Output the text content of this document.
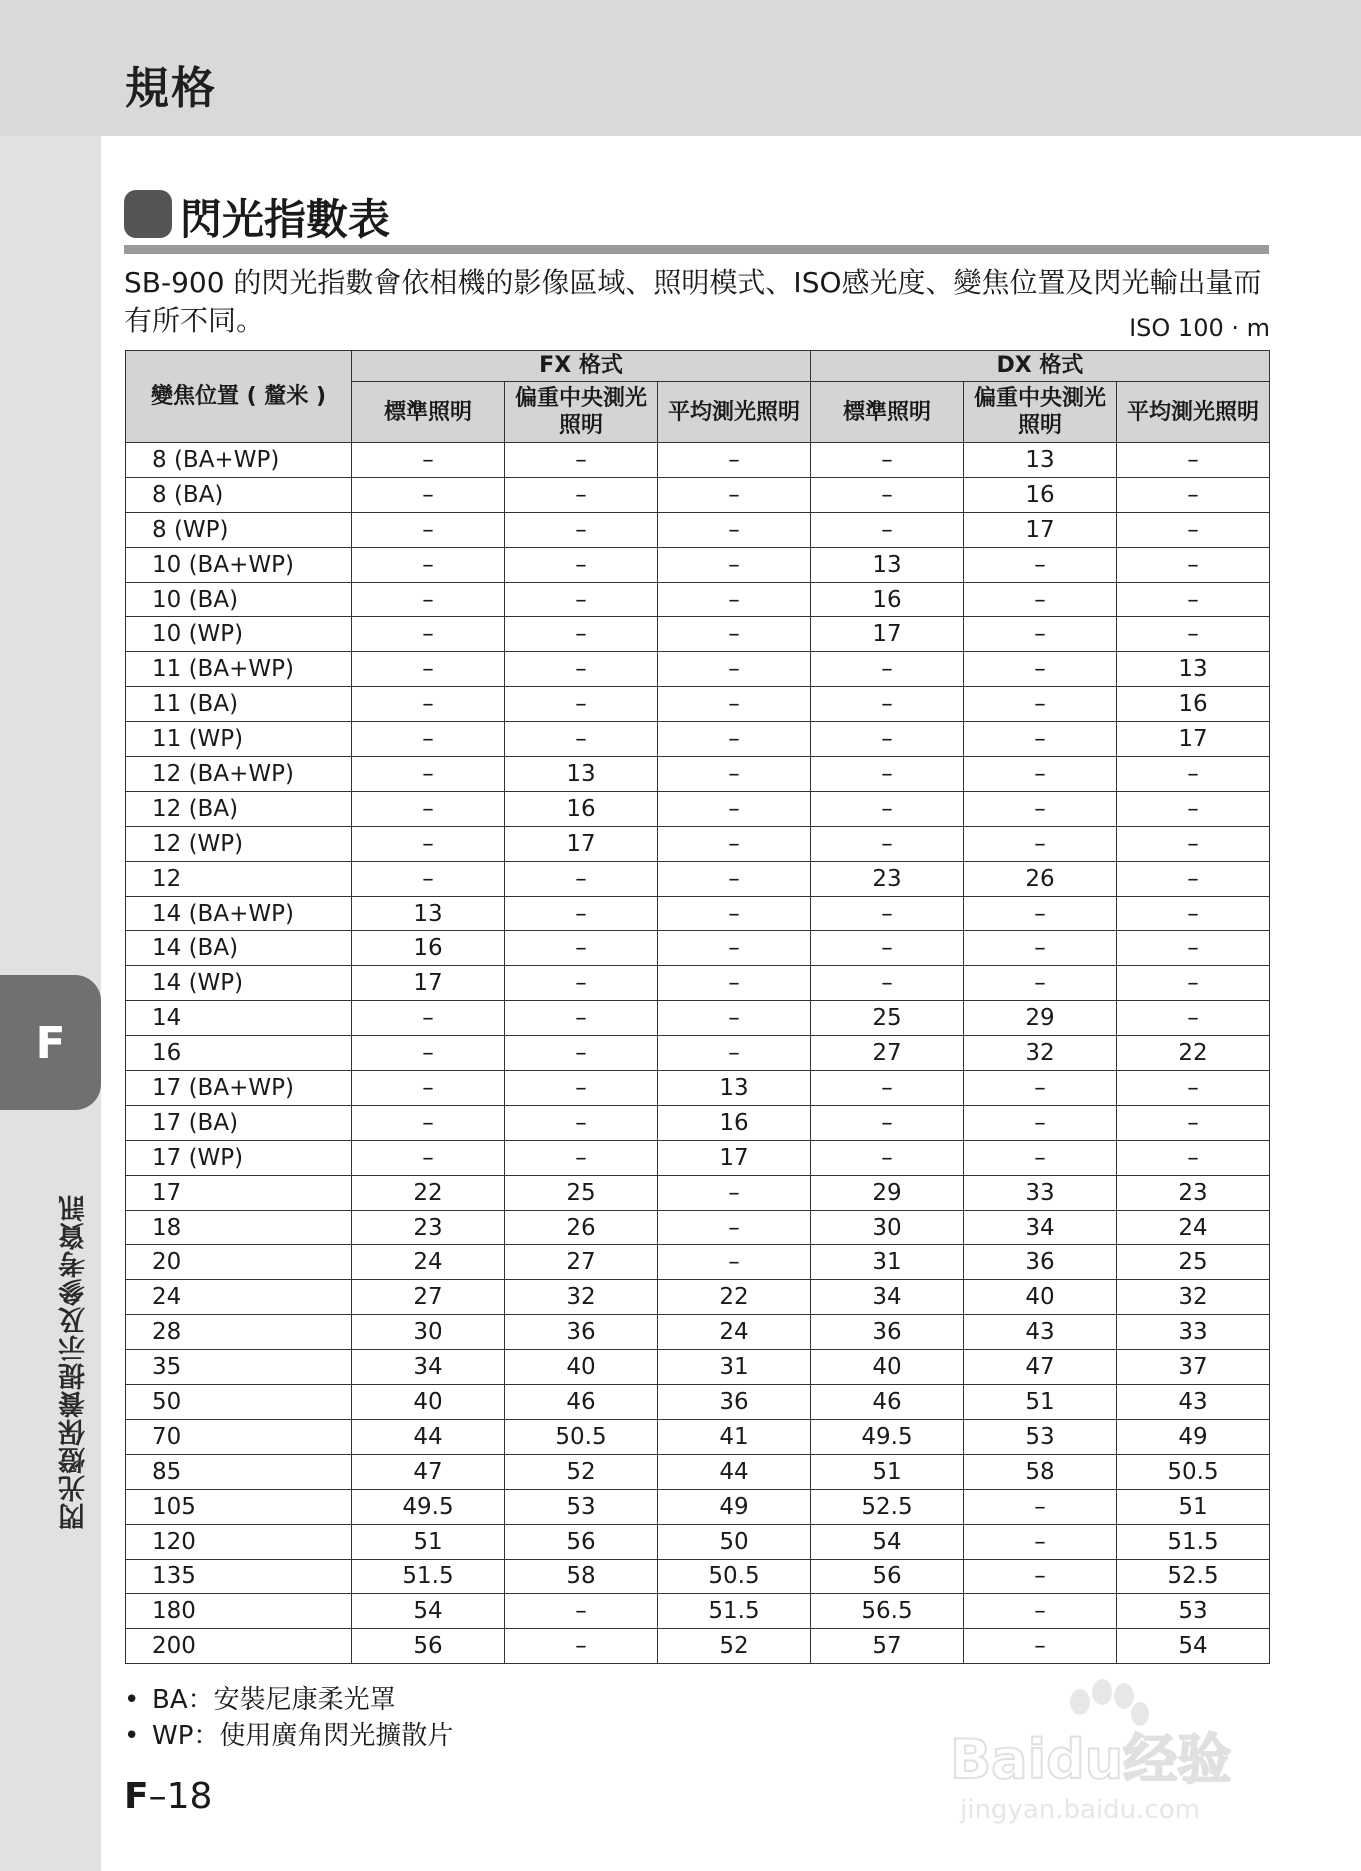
規格
F
閃光燈保養提示及參考資訊
閃光指數表
SB-900 的閃光指數會依相機的影像區域、照明模式、ISO感光度、變焦位置及閃光輸出量而有所不同。	ISO 100 · m
變焦位置 ( 釐米 )	FX 格式			DX 格式		
	標準照明	偏重中央測光照明	平均測光照明	標準照明	偏重中央測光照明	平均測光照明
8 (BA+WP)	–	–	–	–	13	–
8 (BA)	–	–	–	–	16	–
8 (WP)	–	–	–	–	17	–
10 (BA+WP)	–	–	–	13	–	–
10 (BA)	–	–	–	16	–	–
10 (WP)	–	–	–	17	–	–
11 (BA+WP)	–	–	–	–	–	13
11 (BA)	–	–	–	–	–	16
11 (WP)	–	–	–	–	–	17
12 (BA+WP)	–	13	–	–	–	–
12 (BA)	–	16	–	–	–	–
12 (WP)	–	17	–	–	–	–
12	–	–	–	23	26	–
14 (BA+WP)	13	–	–	–	–	–
14 (BA)	16	–	–	–	–	–
14 (WP)	17	–	–	–	–	–
14	–	–	–	25	29	–
16	–	–	–	27	32	22
17 (BA+WP)	–	–	13	–	–	–
17 (BA)	–	–	16	–	–	–
17 (WP)	–	–	17	–	–	–
17	22	25	–	29	33	23
18	23	26	–	30	34	24
20	24	27	–	31	36	25
24	27	32	22	34	40	32
28	30	36	24	36	43	33
35	34	40	31	40	47	37
50	40	46	36	46	51	43
70	44	50.5	41	49.5	53	49
85	47	52	44	51	58	50.5
105	49.5	53	49	52.5	–	51
120	51	56	50	54	–	51.5
135	51.5	58	50.5	56	–	52.5
180	54	–	51.5	56.5	–	53
200	56	–	52	57	–	54
• BA：安裝尼康柔光罩
• WP：使用廣角閃光擴散片
F–18
Baidu经验
jingyan.baidu.com
